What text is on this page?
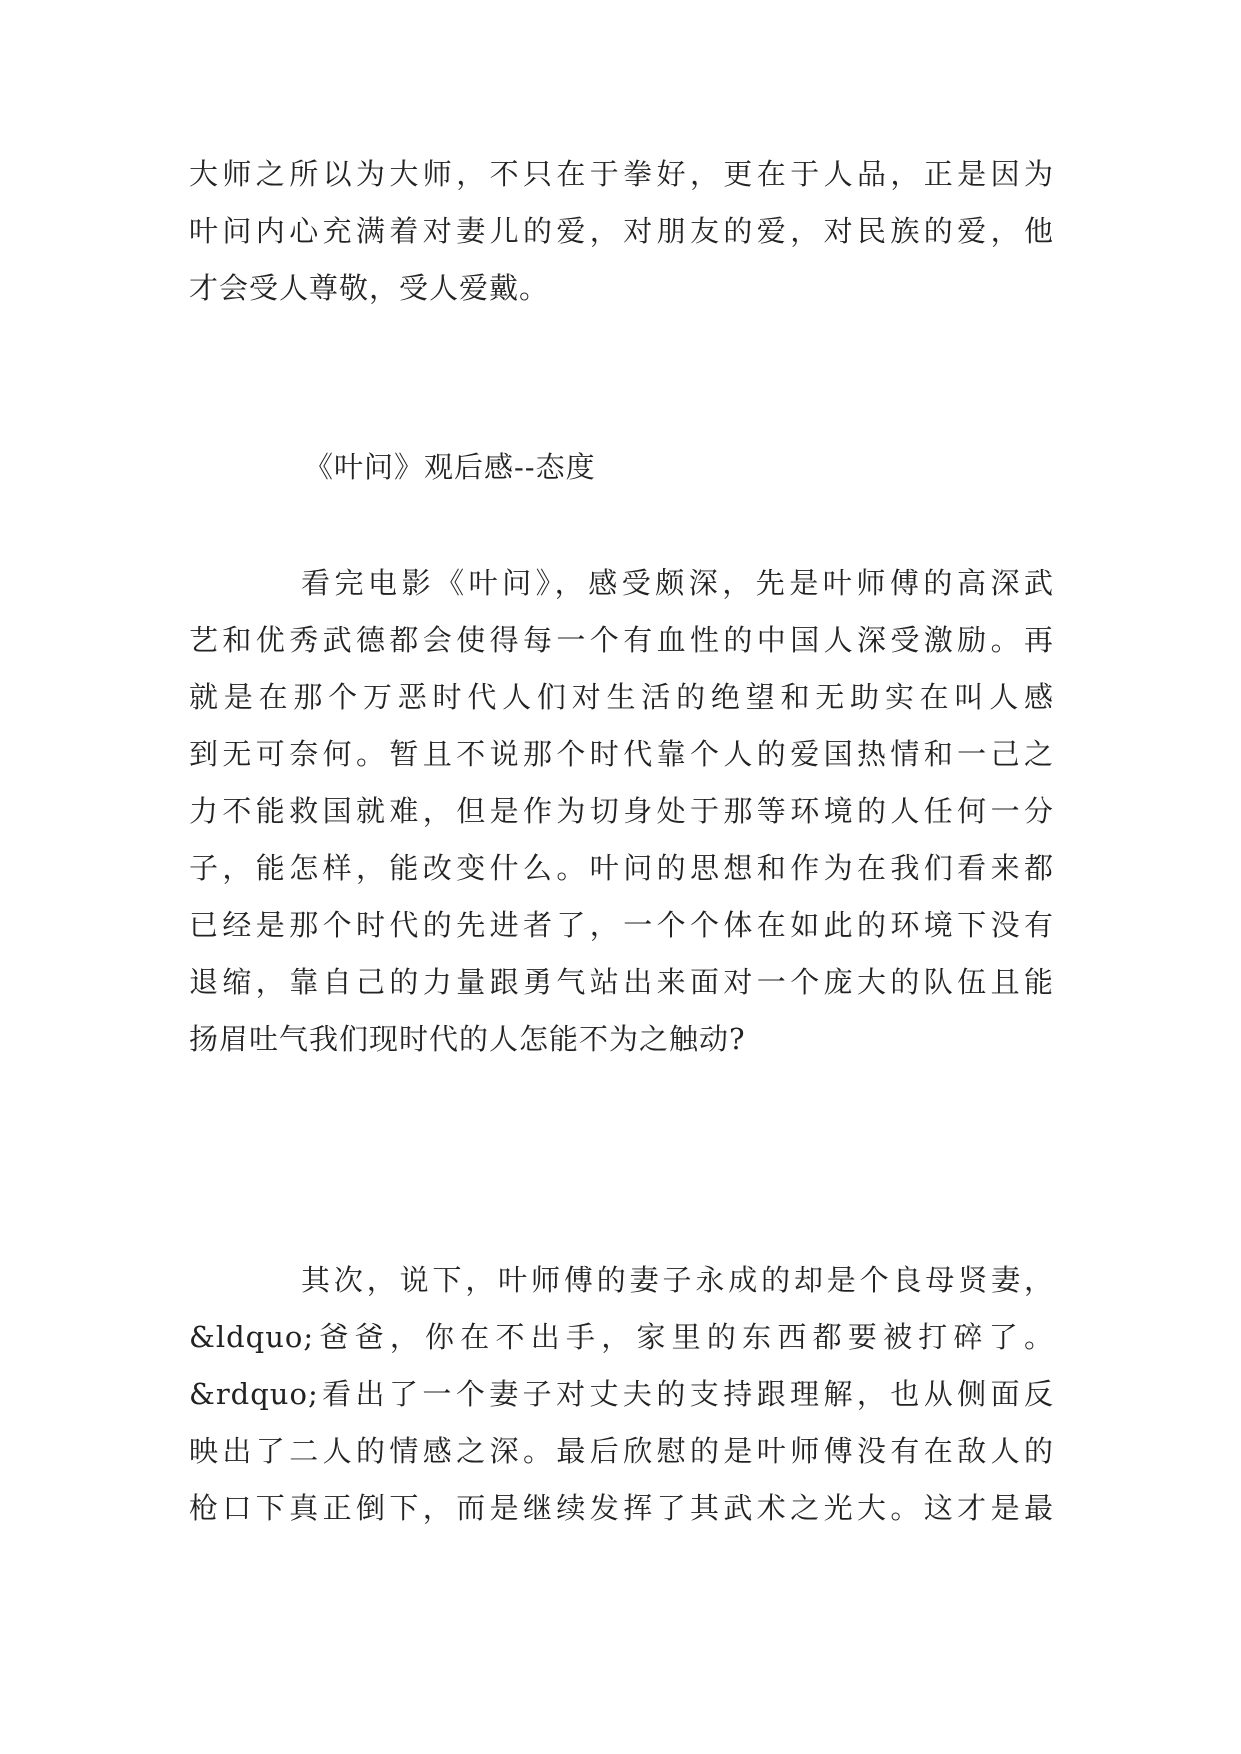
大师之所以为大师，不只在于拳好，更在于人品，正是因为
叶问内心充满着对妻儿的爱，对朋友的爱，对民族的爱，他
才会受人尊敬，受人爱戴。
《叶问》观后感--态度
看完电影《叶问》，感受颇深，先是叶师傅的高深武
艺和优秀武德都会使得每一个有血性的中国人深受激励。再
就是在那个万恶时代人们对生活的绝望和无助实在叫人感
到无可奈何。暂且不说那个时代靠个人的爱国热情和一己之
力不能救国就难，但是作为切身处于那等环境的人任何一分
子，能怎样，能改变什么。叶问的思想和作为在我们看来都
已经是那个时代的先进者了，一个个体在如此的环境下没有
退缩，靠自己的力量跟勇气站出来面对一个庞大的队伍且能
扬眉吐气我们现时代的人怎能不为之触动?
其次，说下，叶师傅的妻子永成的却是个良母贤妻，
&ldquo;爸爸，你在不出手，家里的东西都要被打碎了。
&rdquo;看出了一个妻子对丈夫的支持跟理解，也从侧面反
映出了二人的情感之深。最后欣慰的是叶师傅没有在敌人的
枪口下真正倒下，而是继续发挥了其武术之光大。这才是最
